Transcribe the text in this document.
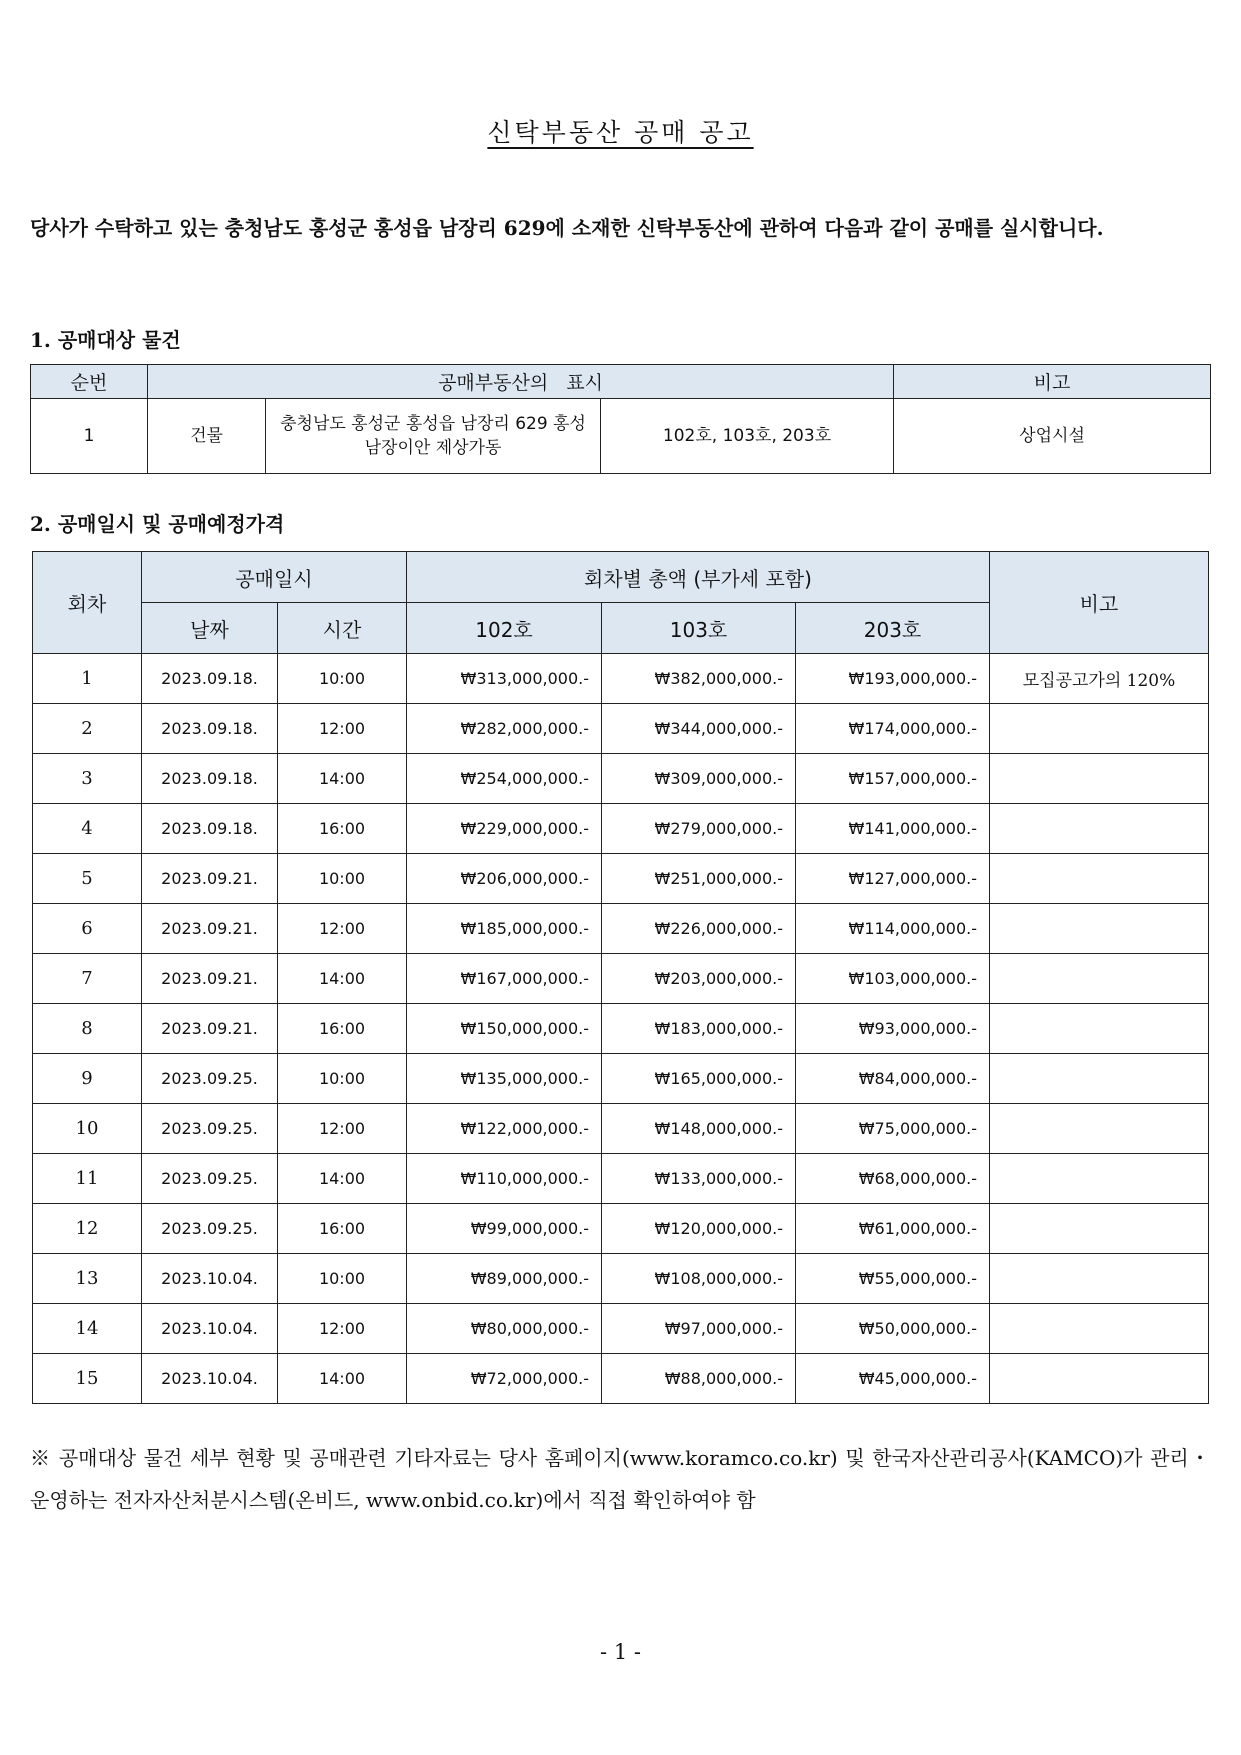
신탁부동산 공매 공고
당사가 수탁하고 있는 충청남도 홍성군 홍성읍 남장리 629에 소재한 신탁부동산에 관하여 다음과 같이 공매를 실시합니다.
1. 공매대상 물건
순번	공매부동산의 표시			비고
1	건물	충청남도 홍성군 홍성읍 남장리 629 홍성남장이안 제상가동	102호, 103호, 203호	상업시설
2. 공매일시 및 공매예정가격
회차	공매일시		회차별 총액 (부가세 포함)			비고
	날짜	시간	102호	103호	203호	
1	2023.09.18.	10:00	₩313,000,000.-	₩382,000,000.-	₩193,000,000.-	모집공고가의 120%
2	2023.09.18.	12:00	₩282,000,000.-	₩344,000,000.-	₩174,000,000.-	
3	2023.09.18.	14:00	₩254,000,000.-	₩309,000,000.-	₩157,000,000.-	
4	2023.09.18.	16:00	₩229,000,000.-	₩279,000,000.-	₩141,000,000.-	
5	2023.09.21.	10:00	₩206,000,000.-	₩251,000,000.-	₩127,000,000.-	
6	2023.09.21.	12:00	₩185,000,000.-	₩226,000,000.-	₩114,000,000.-	
7	2023.09.21.	14:00	₩167,000,000.-	₩203,000,000.-	₩103,000,000.-	
8	2023.09.21.	16:00	₩150,000,000.-	₩183,000,000.-	₩93,000,000.-	
9	2023.09.25.	10:00	₩135,000,000.-	₩165,000,000.-	₩84,000,000.-	
10	2023.09.25.	12:00	₩122,000,000.-	₩148,000,000.-	₩75,000,000.-	
11	2023.09.25.	14:00	₩110,000,000.-	₩133,000,000.-	₩68,000,000.-	
12	2023.09.25.	16:00	₩99,000,000.-	₩120,000,000.-	₩61,000,000.-	
13	2023.10.04.	10:00	₩89,000,000.-	₩108,000,000.-	₩55,000,000.-	
14	2023.10.04.	12:00	₩80,000,000.-	₩97,000,000.-	₩50,000,000.-	
15	2023.10.04.	14:00	₩72,000,000.-	₩88,000,000.-	₩45,000,000.-	
※ 공매대상 물건 세부 현황 및 공매관련 기타자료는 당사 홈페이지(www.koramco.co.kr) 및 한국자산관리공사(KAMCO)가 관리・운영하는 전자자산처분시스템(온비드, www.onbid.co.kr)에서 직접 확인하여야 함
- 1 -
